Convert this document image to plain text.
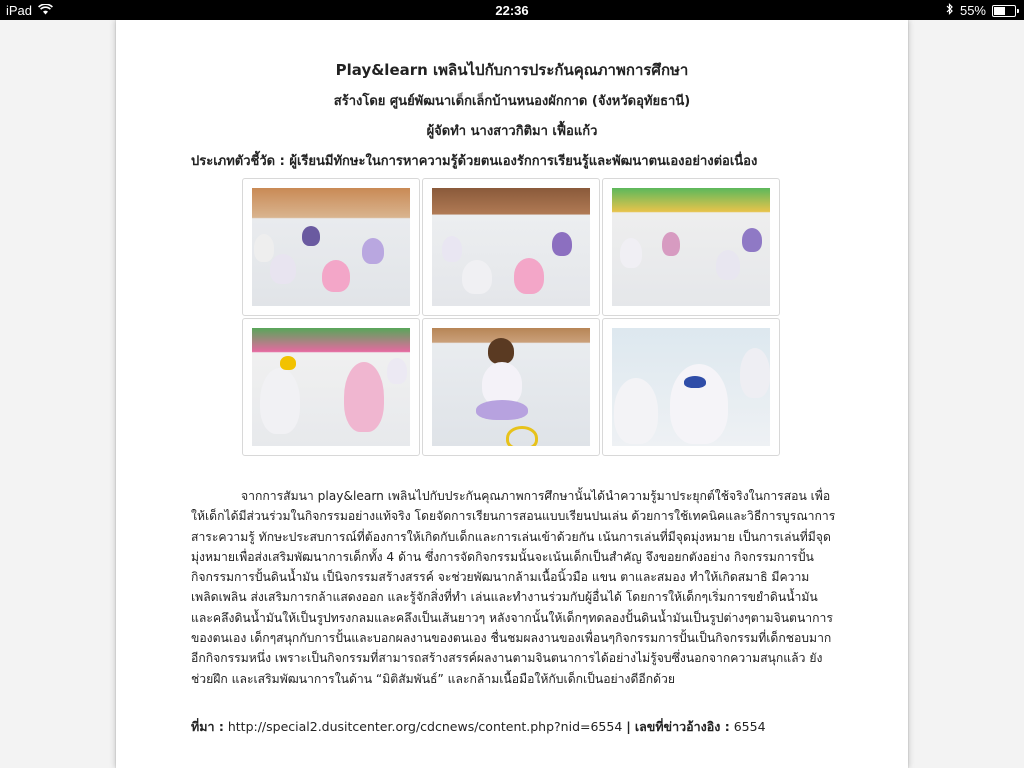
iPad	22:36	55%
Play&learn เพลินไปกับการประกันคุณภาพการศึกษา
สร้างโดย ศูนย์พัฒนาเด็กเล็กบ้านหนองผักกาด (จังหวัดอุทัยธานี)
ผู้จัดทำ นางสาวกิติมา เฟื้อแก้ว
ประเภทตัวชี้วัด : ผู้เรียนมีทักษะในการหาความรู้ด้วยตนเองรักการเรียนรู้และพัฒนาตนเองอย่างต่อเนื่อง

จากการสัมนา play&learn เพลินไปกับประกันคุณภาพการศึกษานั้นได้นำความรู้มาประยุกต์ใช้จริงในการสอน เพื่อให้เด็กได้มีส่วนร่วมในกิจกรรมอย่างแท้จริง โดยจัดการเรียนการสอนแบบเรียนปนเล่น ด้วยการใช้เทคนิคและวิธีการบูรณาการสาระความรู้ ทักษะประสบการณ์ที่ต้องการให้เกิดกับเด็กและการเล่นเข้าด้วยกัน เน้นการเล่นที่มีจุดมุ่งหมาย เป็นการเล่นที่มีจุดมุ่งหมายเพื่อส่งเสริมพัฒนาการเด็กทั้ง 4 ด้าน ซึ่งการจัดกิจกรรมนั้นจะเน้นเด็กเป็นสำคัญ จึงขอยกตังอย่าง กิจกรรมการปั้น กิจกรรมการปั้นดินน้ำมัน เป็นิจกรรมสร้างสรรค์ จะช่วยพัฒนากล้ามเนื้อนิ้วมือ แขน ตาและสมอง ทำให้เกิดสมาธิ มีความเพลิดเพลิน ส่งเสริมการกล้าแสดงออก และรู้จักสิ่งที่ทำ เล่นและทำงานร่วมกับผู้อื่นได้ โดยการให้เด็กๆเริ่มการขยำดินน้ำมัน และคลึงดินน้ำมันให้เป็นรูปทรงกลมและคลึงเป็นเส้นยาวๆ หลังจากนั้นให้เด็กๆทดลองปั้นดินน้ำมันเป็นรูปต่างๆตามจินตนาการของตนเอง เด็กๆสนุกกับการปั้นและบอกผลงานของตนเอง ชื่นชมผลงานของเพื่อนๆกิจกรรมการปั้นเป็นกิจกรรมที่เด็กชอบมากอีกกิจกรรมหนึ่ง เพราะเป็นกิจกรรมที่สามารถสร้างสรรค์ผลงานตามจินตนาการได้อย่างไม่รู้จบซึ่งนอกจากความสนุกแล้ว ยังช่วยฝึก และเสริมพัฒนาการในด้าน “มิติสัมพันธ์” และกล้ามเนื้อมือให้กับเด็กเป็นอย่างดีอีกด้วย

ที่มา : http://special2.dusitcenter.org/cdcnews/content.php?nid=6554 | เลขที่ข่าวอ้างอิง : 6554
